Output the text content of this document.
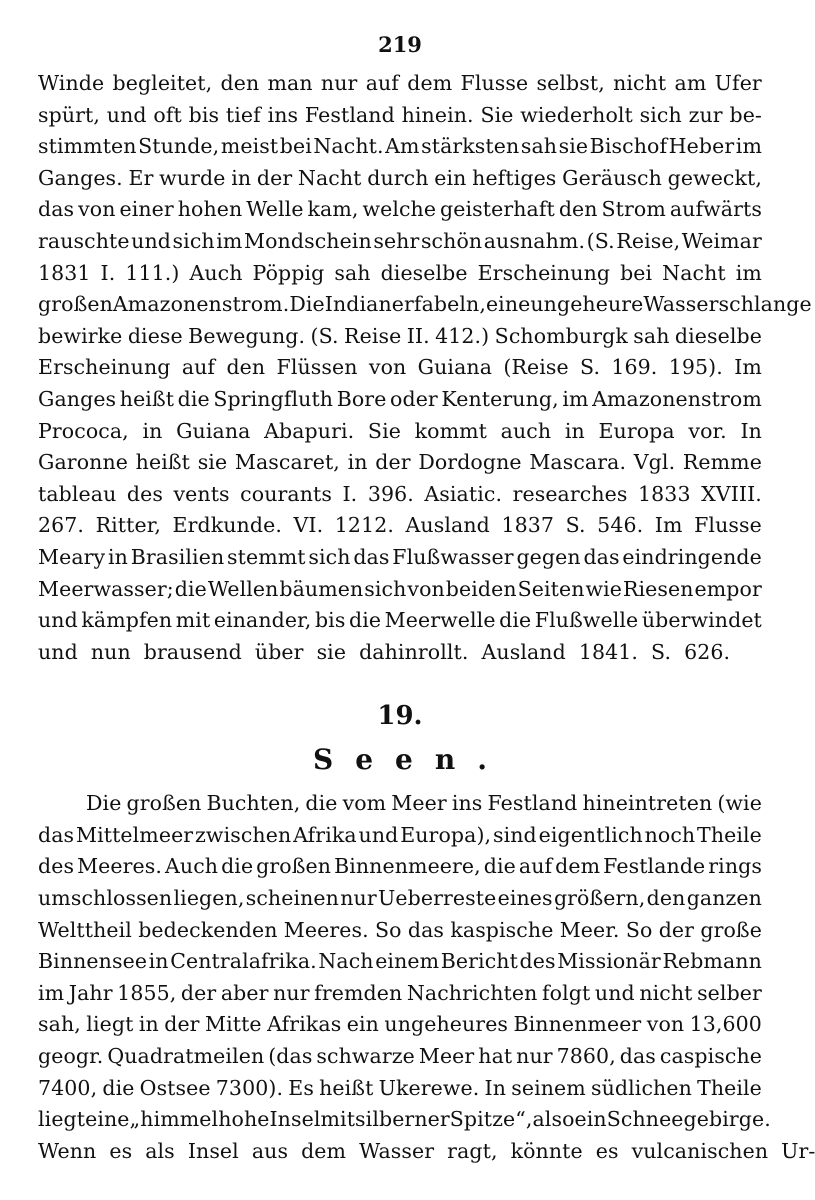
219
Winde begleitet, den man nur auf dem Flusse selbst, nicht am Ufer
spürt, und oft bis tief ins Festland hinein. Sie wiederholt sich zur be-
stimmten Stunde, meist bei Nacht. Am stärksten sah sie Bischof Heber im
Ganges. Er wurde in der Nacht durch ein heftiges Geräusch geweckt,
das von einer hohen Welle kam, welche geisterhaft den Strom aufwärts
rauschte und sich im Mondschein sehr schön ausnahm. (S. Reise, Weimar
1831 I. 111.) Auch Pöppig sah dieselbe Erscheinung bei Nacht im
großen Amazonenstrom. Die Indianer fabeln, eine ungeheure Wasserschlange
bewirke diese Bewegung. (S. Reise II. 412.) Schomburgk sah dieselbe
Erscheinung auf den Flüssen von Guiana (Reise S. 169. 195). Im
Ganges heißt die Springfluth Bore oder Kenterung, im Amazonenstrom
Prococa, in Guiana Abapuri. Sie kommt auch in Europa vor. In
Garonne heißt sie Mascaret, in der Dordogne Mascara. Vgl. Remme
tableau des vents courants I. 396. Asiatic. researches 1833 XVIII.
267. Ritter, Erdkunde. VI. 1212. Ausland 1837 S. 546. Im Flusse
Meary in Brasilien stemmt sich das Flußwasser gegen das eindringende
Meerwasser; die Wellen bäumen sich von beiden Seiten wie Riesen empor
und kämpfen mit einander, bis die Meerwelle die Flußwelle überwindet
und nun brausend über sie dahinrollt. Ausland 1841. S. 626.
19.
Seen.
Die großen Buchten, die vom Meer ins Festland hineintreten (wie
das Mittelmeer zwischen Afrika und Europa), sind eigentlich noch Theile
des Meeres. Auch die großen Binnenmeere, die auf dem Festlande rings
umschlossen liegen, scheinen nur Ueberreste eines größern, den ganzen
Welttheil bedeckenden Meeres. So das kaspische Meer. So der große
Binnensee in Centralafrika. Nach einem Bericht des Missionär Rebmann
im Jahr 1855, der aber nur fremden Nachrichten folgt und nicht selber
sah, liegt in der Mitte Afrikas ein ungeheures Binnenmeer von 13,600
geogr. Quadratmeilen (das schwarze Meer hat nur 7860, das caspische
7400, die Ostsee 7300). Es heißt Ukerewe. In seinem südlichen Theile
liegt eine „himmelhohe Insel mit silberner Spitze“, also ein Schneegebirge.
Wenn es als Insel aus dem Wasser ragt, könnte es vulcanischen Ur-
